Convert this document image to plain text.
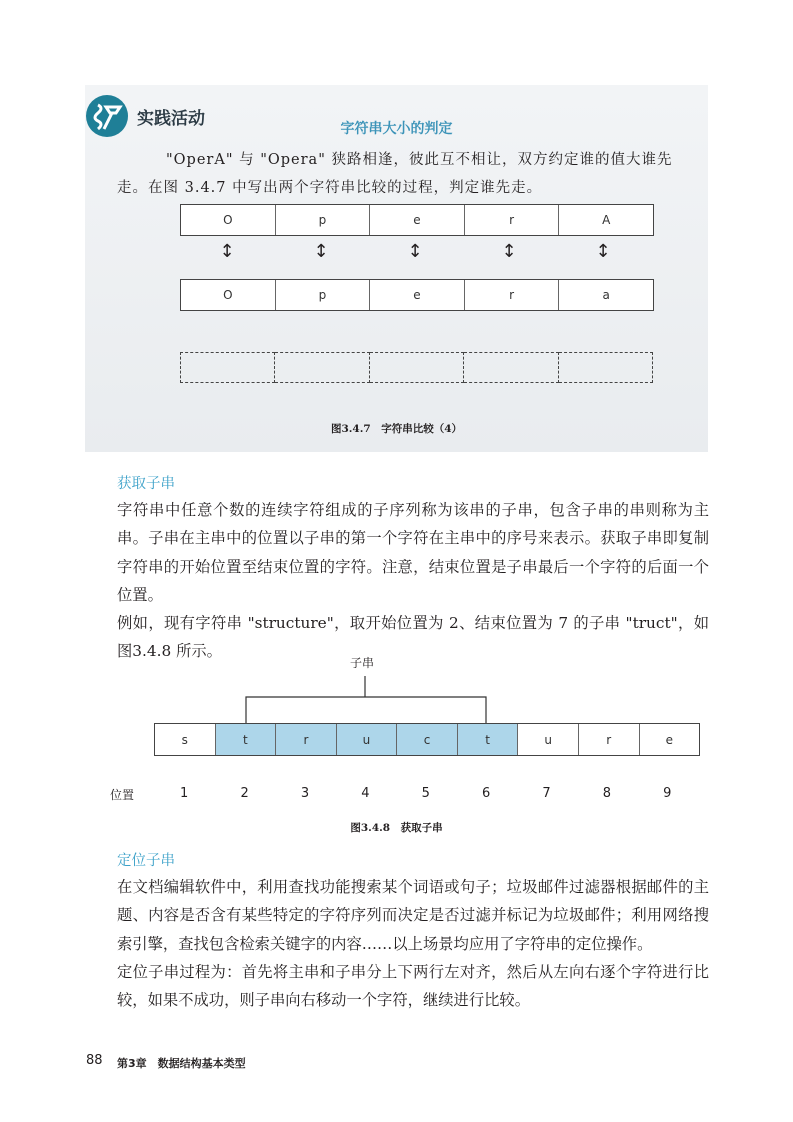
实践活动	字符串大小的判定
"OperA" 与 "Opera" 狭路相逢，彼此互不相让，双方约定谁的值大谁先
走。在图 3.4.7 中写出两个字符串比较的过程，判定谁先走。
O	p	e	r	A
↕	↕	↕	↕	↕
O	p	e	r	a
图3.4.7　字符串比较（4）
获取子串

字符串中任意个数的连续字符组成的子序列称为该串的子串，包含子串的串则称为主串。子串在主串中的位置以子串的第一个字符在主串中的序号来表示。获取子串即复制字符串的开始位置至结束位置的字符。注意，结束位置是子串最后一个字符的后面一个位置。

例如，现有字符串 "structure"，取开始位置为 2、结束位置为 7 的子串 "truct"，如图3.4.8 所示。

子串
s	t	r	u	c	t	u	r	e
位置	1	2	3	4	5	6	7	8	9
图3.4.8　获取子串
定位子串

在文档编辑软件中，利用查找功能搜索某个词语或句子；垃圾邮件过滤器根据邮件的主题、内容是否含有某些特定的字符序列而决定是否过滤并标记为垃圾邮件；利用网络搜索引擎，查找包含检索关键字的内容……以上场景均应用了字符串的定位操作。

定位子串过程为：首先将主串和子串分上下两行左对齐，然后从左向右逐个字符进行比较，如果不成功，则子串向右移动一个字符，继续进行比较。

88 第3章　数据结构基本类型
